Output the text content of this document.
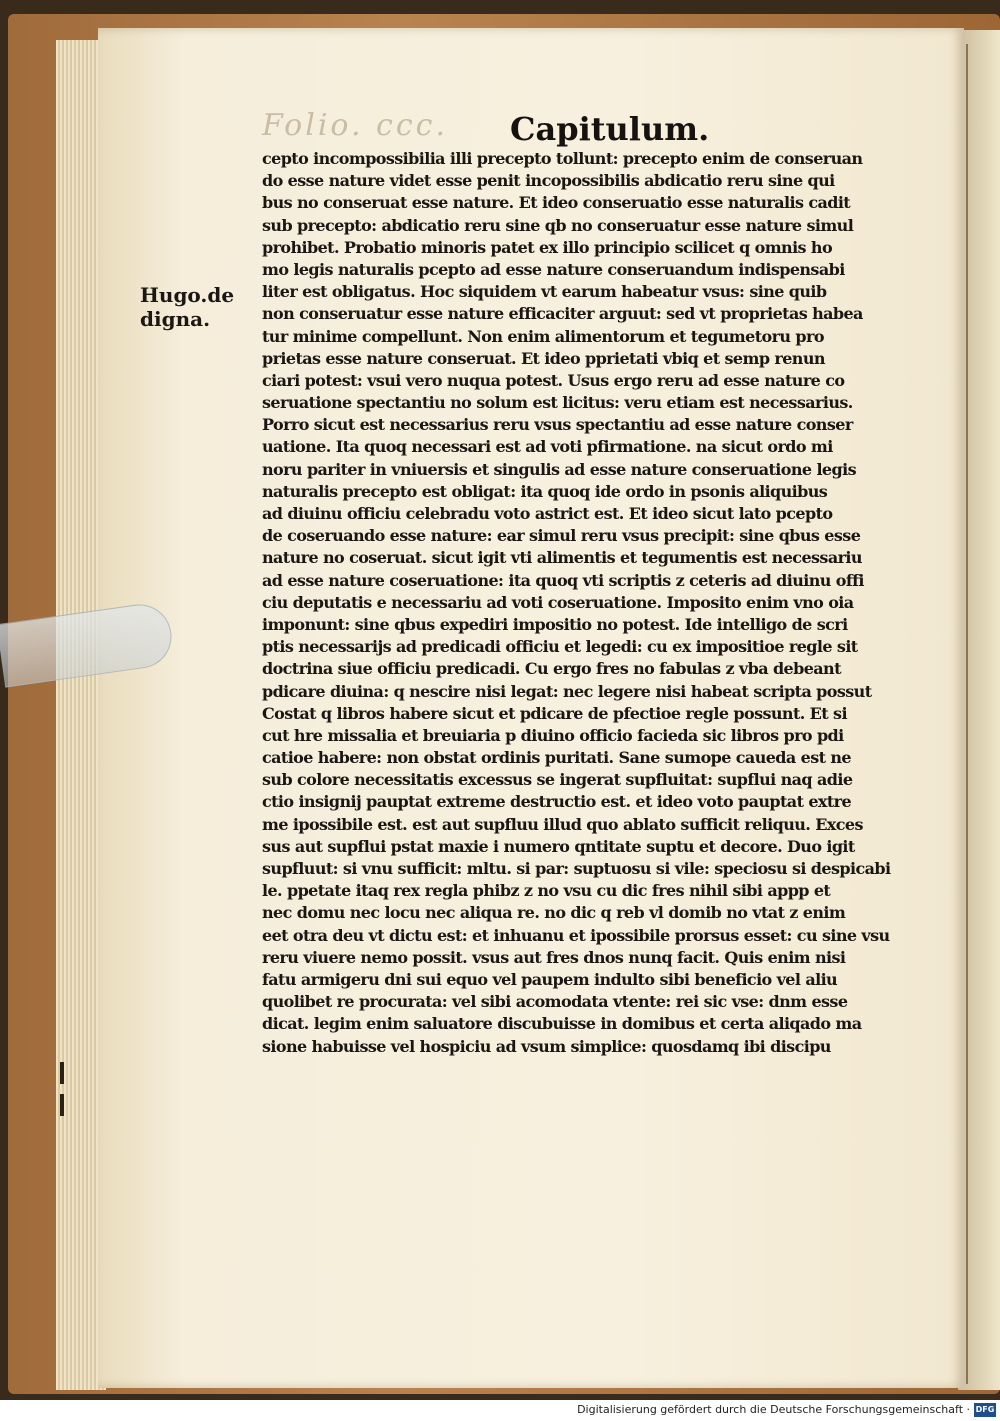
Folio. ccc.	Capitulum.
Hugo.de digna.
cepto incompossibilia illi precepto tollunt: precepto enim de conseruan
do esse nature videt esse penit incopossibilis abdicatio reru sine qui
bus no conseruat esse nature. Et ideo conseruatio esse naturalis cadit
sub precepto: abdicatio reru sine qb no conseruatur esse nature simul
prohibet. Probatio minoris patet ex illo principio scilicet q omnis ho
mo legis naturalis pcepto ad esse nature conseruandum indispensabi
liter est obligatus. Hoc siquidem vt earum habeatur vsus: sine quib
non conseruatur esse nature efficaciter arguut: sed vt proprietas habea
tur minime compellunt. Non enim alimentorum et tegumetoru pro
prietas esse nature conseruat. Et ideo pprietati vbiq et semp renun
ciari potest: vsui vero nuqua potest. Usus ergo reru ad esse nature co
seruatione spectantiu no solum est licitus: veru etiam est necessarius.
Porro sicut est necessarius reru vsus spectantiu ad esse nature conser
uatione. Ita quoq necessari est ad voti pfirmatione. na sicut ordo mi
noru pariter in vniuersis et singulis ad esse nature conseruatione legis
naturalis precepto est obligat: ita quoq ide ordo in psonis aliquibus
ad diuinu officiu celebradu voto astrict est. Et ideo sicut lato pcepto
de coseruando esse nature: ear simul reru vsus precipit: sine qbus esse
nature no coseruat. sicut igit vti alimentis et tegumentis est necessariu
ad esse nature coseruatione: ita quoq vti scriptis z ceteris ad diuinu offi
ciu deputatis e necessariu ad voti coseruatione. Imposito enim vno oia
imponunt: sine qbus expediri impositio no potest. Ide intelligo de scri
ptis necessarijs ad predicadi officiu et legedi: cu ex impositioe regle sit
doctrina siue officiu predicadi. Cu ergo fres no fabulas z vba debeant
pdicare diuina: q nescire nisi legat: nec legere nisi habeat scripta possut
Costat q libros habere sicut et pdicare de pfectioe regle possunt. Et si
cut hre missalia et breuiaria p diuino officio facieda sic libros pro pdi
catioe habere: non obstat ordinis puritati. Sane sumope caueda est ne
sub colore necessitatis excessus se ingerat supfluitat: supflui naq adie
ctio insignij pauptat extreme destructio est. et ideo voto pauptat extre
me ipossibile est. est aut supfluu illud quo ablato sufficit reliquu. Exces
sus aut supflui pstat maxie i numero qntitate suptu et decore. Duo igit
supfluut: si vnu sufficit: mltu. si par: suptuosu si vile: speciosu si despicabi
le. ppetate itaq rex regla phibz z no vsu cu dic fres nihil sibi appp et
nec domu nec locu nec aliqua re. no dic q reb vl domib no vtat z enim
eet otra deu vt dictu est: et inhuanu et ipossibile prorsus esset: cu sine vsu
reru viuere nemo possit. vsus aut fres dnos nunq facit. Quis enim nisi
fatu armigeru dni sui equo vel paupem indulto sibi beneficio vel aliu
quolibet re procurata: vel sibi acomodata vtente: rei sic vse: dnm esse
dicat. legim enim saluatore discubuisse in domibus et certa aliqado ma
sione habuisse vel hospiciu ad vsum simplice: quosdamq ibi discipu
Digitalisierung gefördert durch die Deutsche Forschungsgemeinschaft · DFG
